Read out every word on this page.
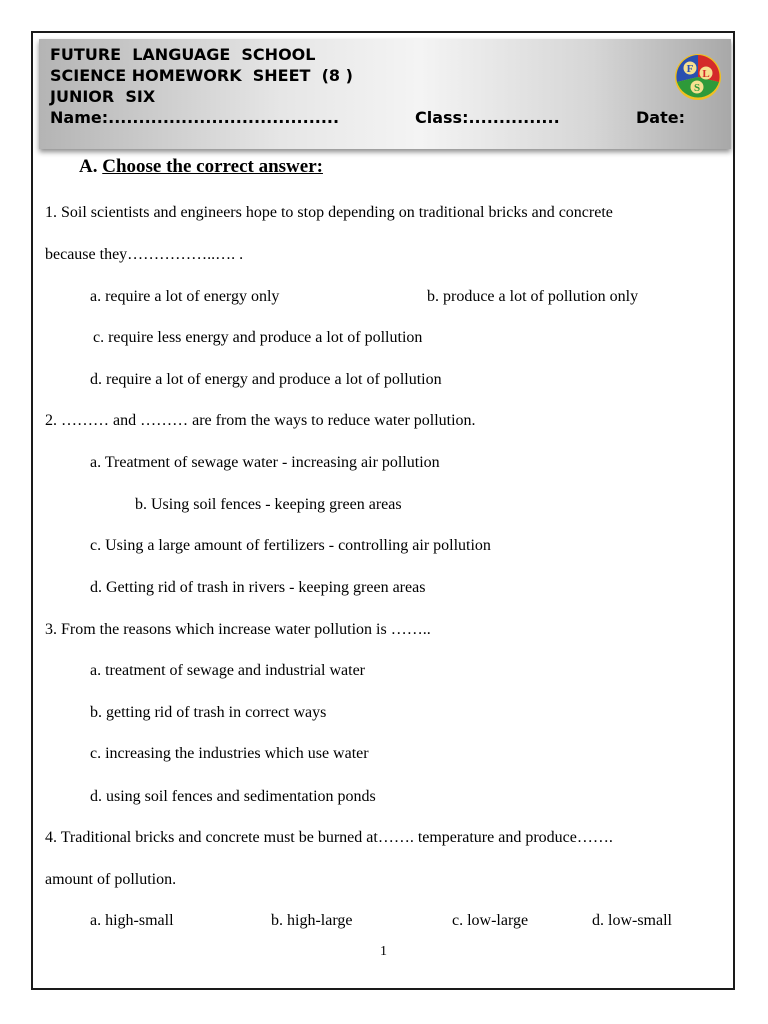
FUTURE  LANGUAGE  SCHOOL
SCIENCE HOMEWORK  SHEET  (8 )
JUNIOR  SIX
Name:......................................	Class:...............	Date:
F L
S
A. Choose the correct answer:
1. Soil scientists and engineers hope to stop depending on traditional bricks and concrete
because they……………..…. .
a. require a lot of energy only	b. produce a lot of pollution only
c. require less energy and produce a lot of pollution
d. require a lot of energy and produce a lot of pollution
2. ……… and ……… are from the ways to reduce water pollution.
a. Treatment of sewage water - increasing air pollution
b. Using soil fences - keeping green areas
c. Using a large amount of fertilizers - controlling air pollution
d. Getting rid of trash in rivers - keeping green areas
3. From the reasons which increase water pollution is ……..
a. treatment of sewage and industrial water
b. getting rid of trash in correct ways
c. increasing the industries which use water
d. using soil fences and sedimentation ponds
4. Traditional bricks and concrete must be burned at……. temperature and produce…….
amount of pollution.
a. high-small	b. high-large	c. low-large	d. low-small
1
